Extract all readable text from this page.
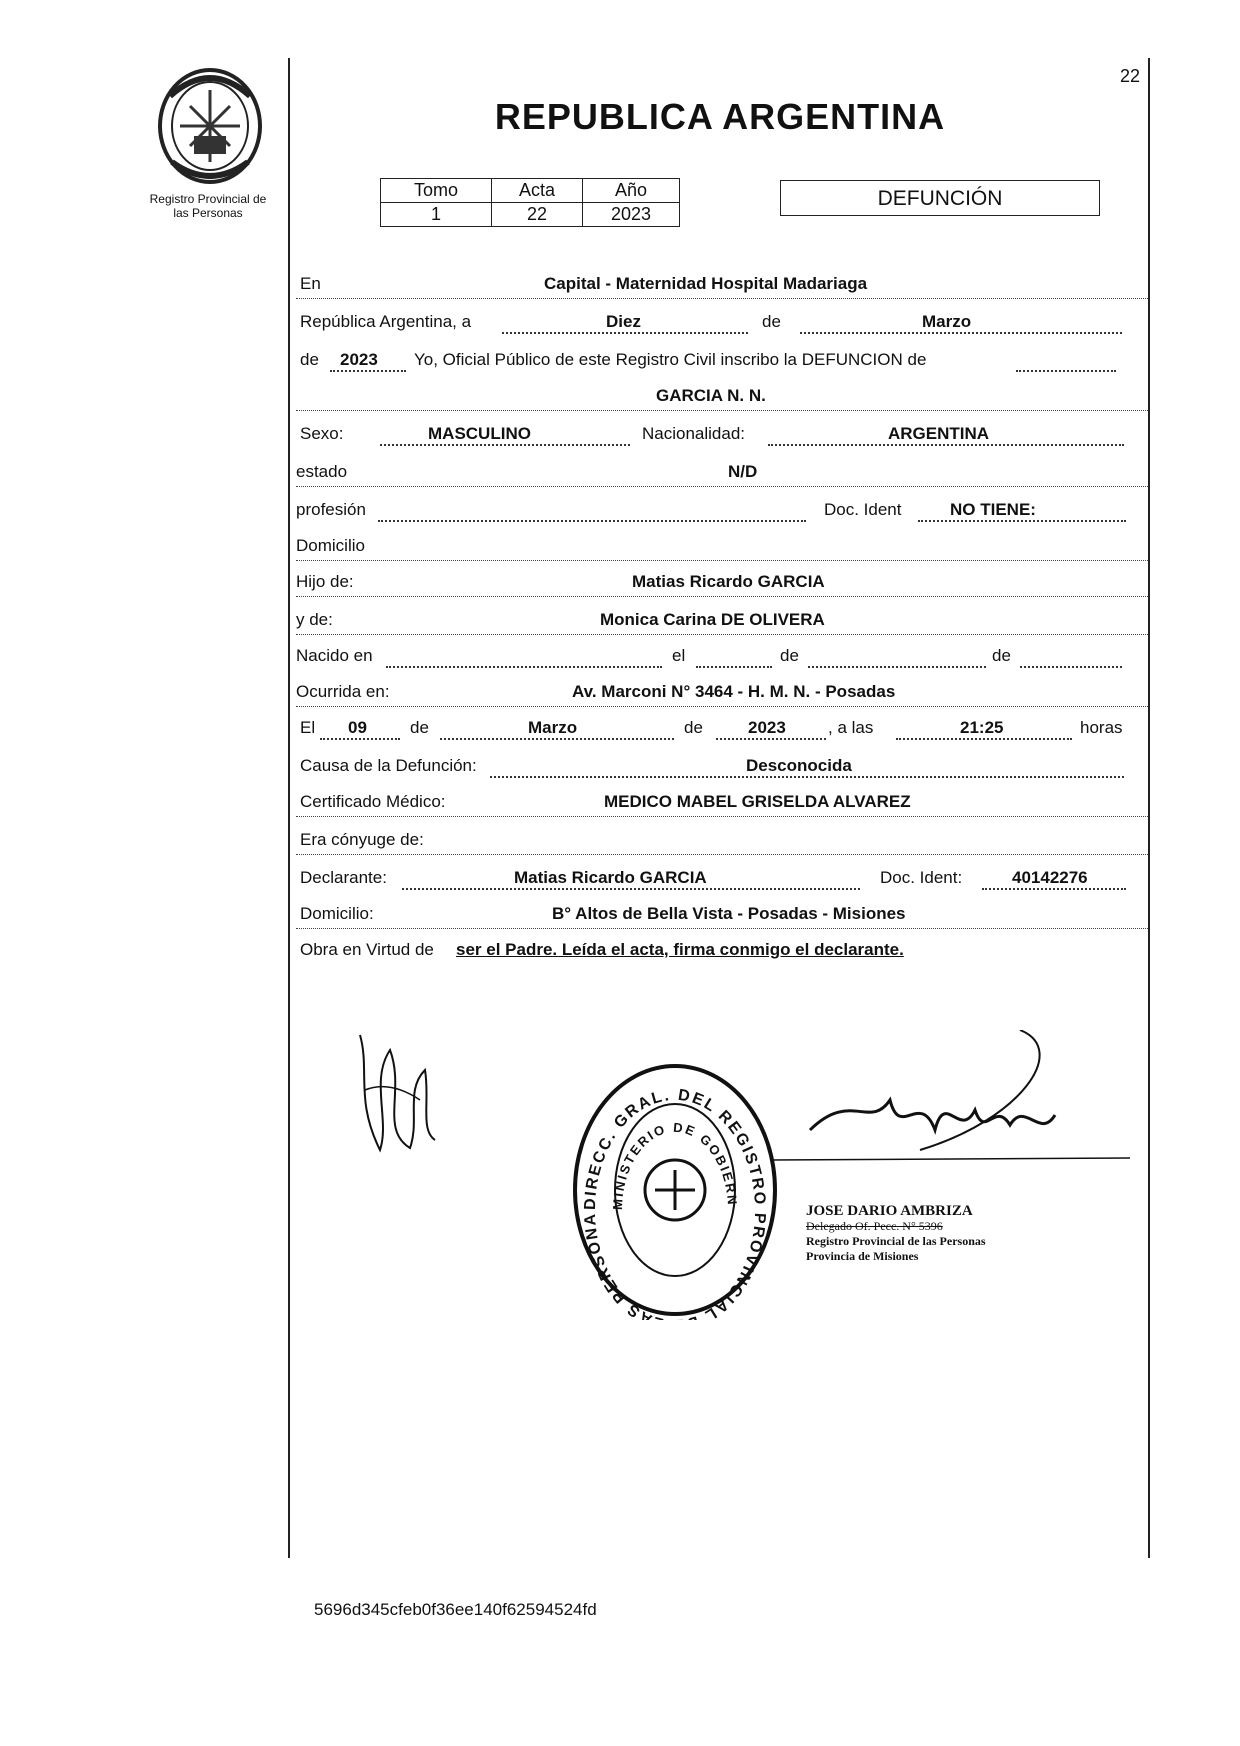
22
Registro Provincial de
las Personas
REPUBLICA ARGENTINA
Tomo	Acta	Año
1	22	2023
DEFUNCIÓN
En	Capital - Maternidad Hospital Madariaga
República Argentina, a	Diez	de	Marzo
de 2023 Yo, Oficial Público de este Registro Civil inscribo la DEFUNCION de
GARCIA N. N.
Sexo:	MASCULINO	Nacionalidad:	ARGENTINA
estado	N/D
profesión	Doc. Ident	NO TIENE:
Domicilio
Hijo de:	Matias Ricardo GARCIA
y de:	Monica Carina DE OLIVERA
Nacido en	el	de	de
Ocurrida en:	Av. Marconi N° 3464 - H. M. N. - Posadas
El 09	de	Marzo	de	2023 , a las	21:25	horas
Causa de la Defunción:	Desconocida
Certificado Médico:	MEDICO MABEL GRISELDA ALVAREZ
Era cónyuge de:
Declarante:	Matias Ricardo GARCIA	Doc. Ident:	40142276
Domicilio:	B° Altos de Bella Vista - Posadas - Misiones
Obra en Virtud de ser el Padre. Leída el acta, firma conmigo el declarante.
DIRECC. GRAL. DEL REGISTRO PROVINCIAL AS PERSONA
MINISTERIO DE GOBIERN
JOSE DARIO AMBRIZA
Delegado Of. Pecc. N° 5396
Registro Provincial de las Personas
Provincia de Misiones
5696d345cfeb0f36ee140f62594524fd
